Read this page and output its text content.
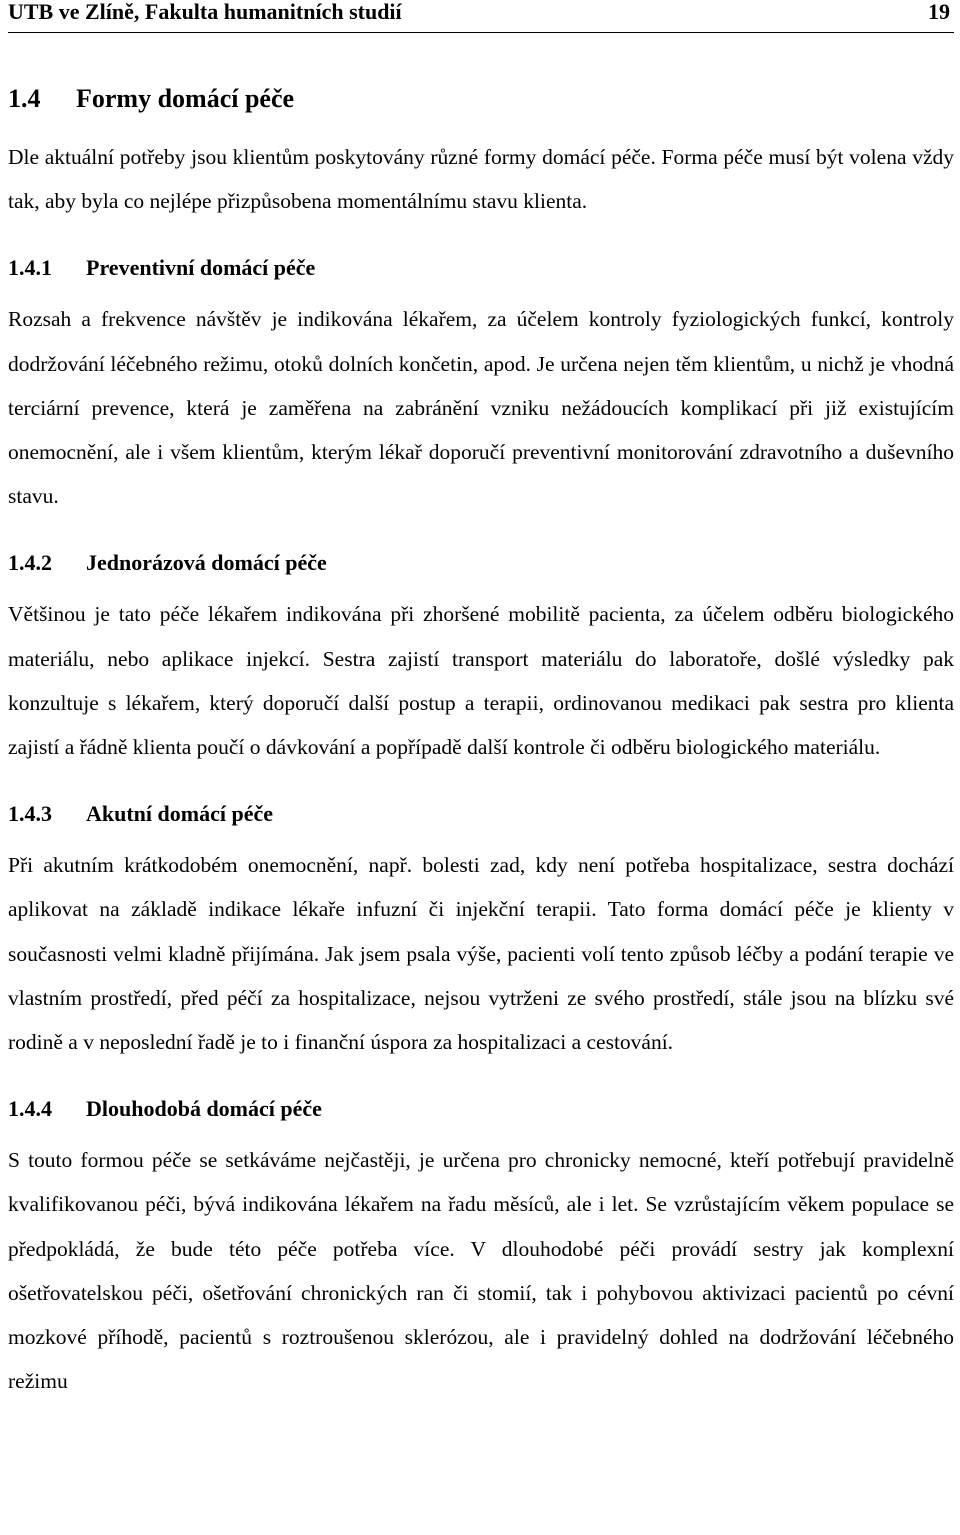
UTB ve Zlíně, Fakulta humanitních studií	19
1.4 Formy domácí péče

Dle aktuální potřeby jsou klientům poskytovány různé formy domácí péče. Forma péče musí být volena vždy tak, aby byla co nejlépe přizpůsobena momentálnímu stavu klienta.

1.4.1 Preventivní domácí péče

Rozsah a frekvence návštěv je indikována lékařem, za účelem kontroly fyziologických funkcí, kontroly dodržování léčebného režimu, otoků dolních končetin, apod. Je určena nejen těm klientům, u nichž je vhodná terciární prevence, která je zaměřena na zabránění vzniku nežádoucích komplikací při již existujícím onemocnění, ale i všem klientům, kterým lékař doporučí preventivní monitorování zdravotního a duševního stavu.

1.4.2 Jednorázová domácí péče

Většinou je tato péče lékařem indikována při zhoršené mobilitě pacienta, za účelem odběru biologického materiálu, nebo aplikace injekcí. Sestra zajistí transport materiálu do laboratoře, došlé výsledky pak konzultuje s lékařem, který doporučí další postup a terapii, ordinovanou medikaci pak sestra pro klienta zajistí a řádně klienta poučí o dávkování a popřípadě další kontrole či odběru biologického materiálu.

1.4.3 Akutní domácí péče

Při akutním krátkodobém onemocnění, např. bolesti zad, kdy není potřeba hospitalizace, sestra dochází aplikovat na základě indikace lékaře infuzní či injekční terapii. Tato forma domácí péče je klienty v současnosti velmi kladně přijímána. Jak jsem psala výše, pacienti volí tento způsob léčby a podání terapie ve vlastním prostředí, před péčí za hospitalizace, nejsou vytrženi ze svého prostředí, stále jsou na blízku své rodině a v neposlední řadě je to i finanční úspora za hospitalizaci a cestování.

1.4.4 Dlouhodobá domácí péče

S touto formou péče se setkáváme nejčastěji, je určena pro chronicky nemocné, kteří potřebují pravidelně kvalifikovanou péči, bývá indikována lékařem na řadu měsíců, ale i let. Se vzrůstajícím věkem populace se předpokládá, že bude této péče potřeba více. V dlouhodobé péči provádí sestry jak komplexní ošetřovatelskou péči, ošetřování chronických ran či stomií, tak i pohybovou aktivizaci pacientů po cévní mozkové příhodě, pacientů s roztroušenou sklerózou, ale i pravidelný dohled na dodržování léčebného režimu
